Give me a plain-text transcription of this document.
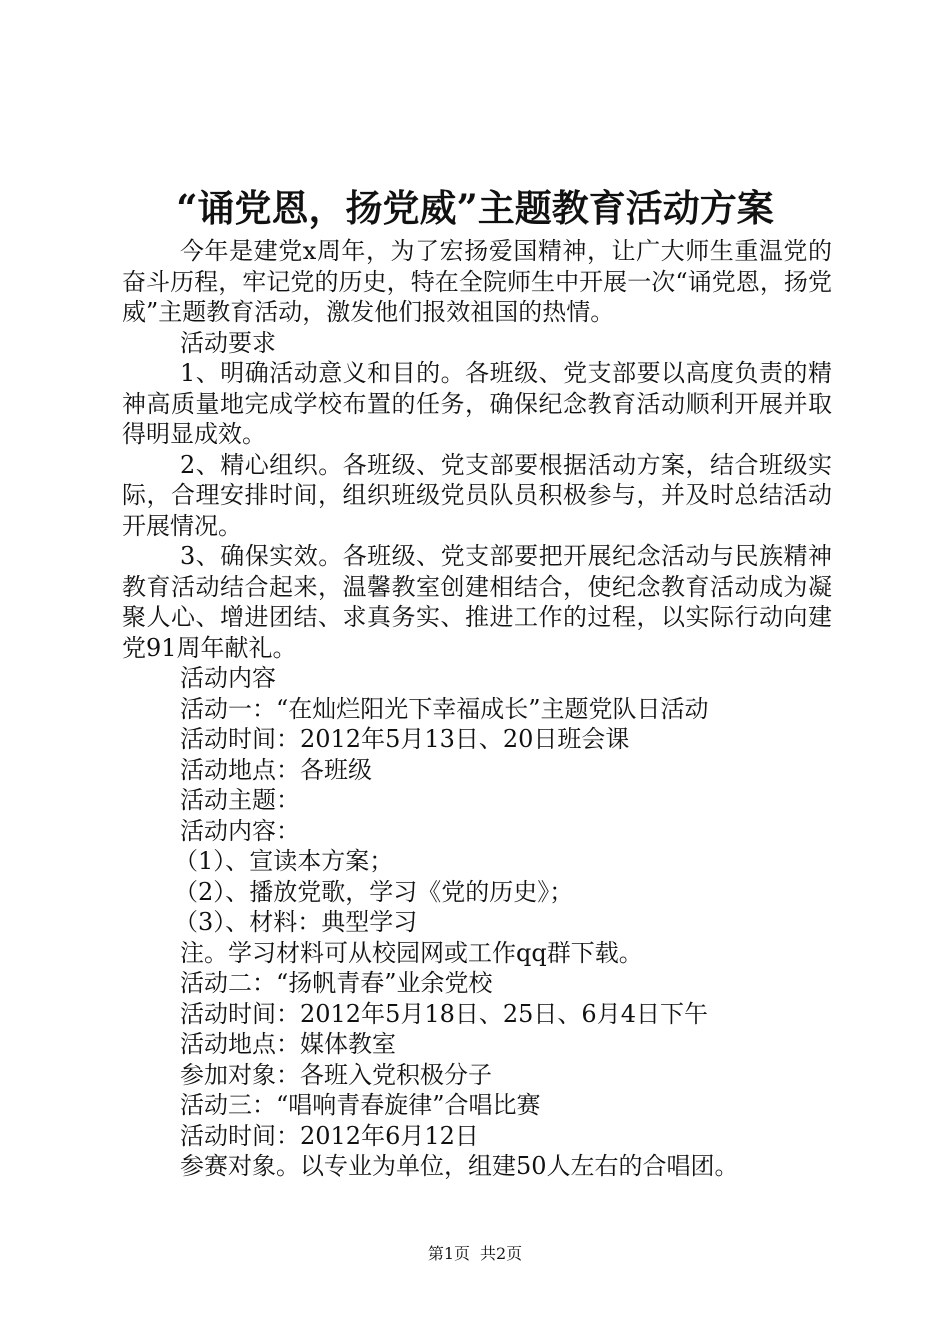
“诵党恩，扬党威”主题教育活动方案

今年是建党x周年，为了宏扬爱国精神，让广大师生重温党的奋斗历程，牢记党的历史，特在全院师生中开展一次“诵党恩，扬党威”主题教育活动，激发他们报效祖国的热情。

活动要求

1、明确活动意义和目的。各班级、党支部要以高度负责的精神高质量地完成学校布置的任务，确保纪念教育活动顺利开展并取得明显成效。

2、精心组织。各班级、党支部要根据活动方案，结合班级实际，合理安排时间，组织班级党员队员积极参与，并及时总结活动开展情况。

3、确保实效。各班级、党支部要把开展纪念活动与民族精神教育活动结合起来，温馨教室创建相结合，使纪念教育活动成为凝聚人心、增进团结、求真务实、推进工作的过程，以实际行动向建党91周年献礼。

活动内容

活动一：“在灿烂阳光下幸福成长”主题党队日活动

活动时间：2012年5月13日、20日班会课

活动地点：各班级

活动主题：

活动内容：

（1）、宣读本方案；

（2）、播放党歌，学习《党的历史》；

（3）、材料：典型学习

注。学习材料可从校园网或工作qq群下载。

活动二：“扬帆青春”业余党校

活动时间：2012年5月18日、25日、6月4日下午

活动地点：媒体教室

参加对象：各班入党积极分子

活动三：“唱响青春旋律”合唱比赛

活动时间：2012年6月12日

参赛对象。以专业为单位，组建50人左右的合唱团。

第1页 共2页
